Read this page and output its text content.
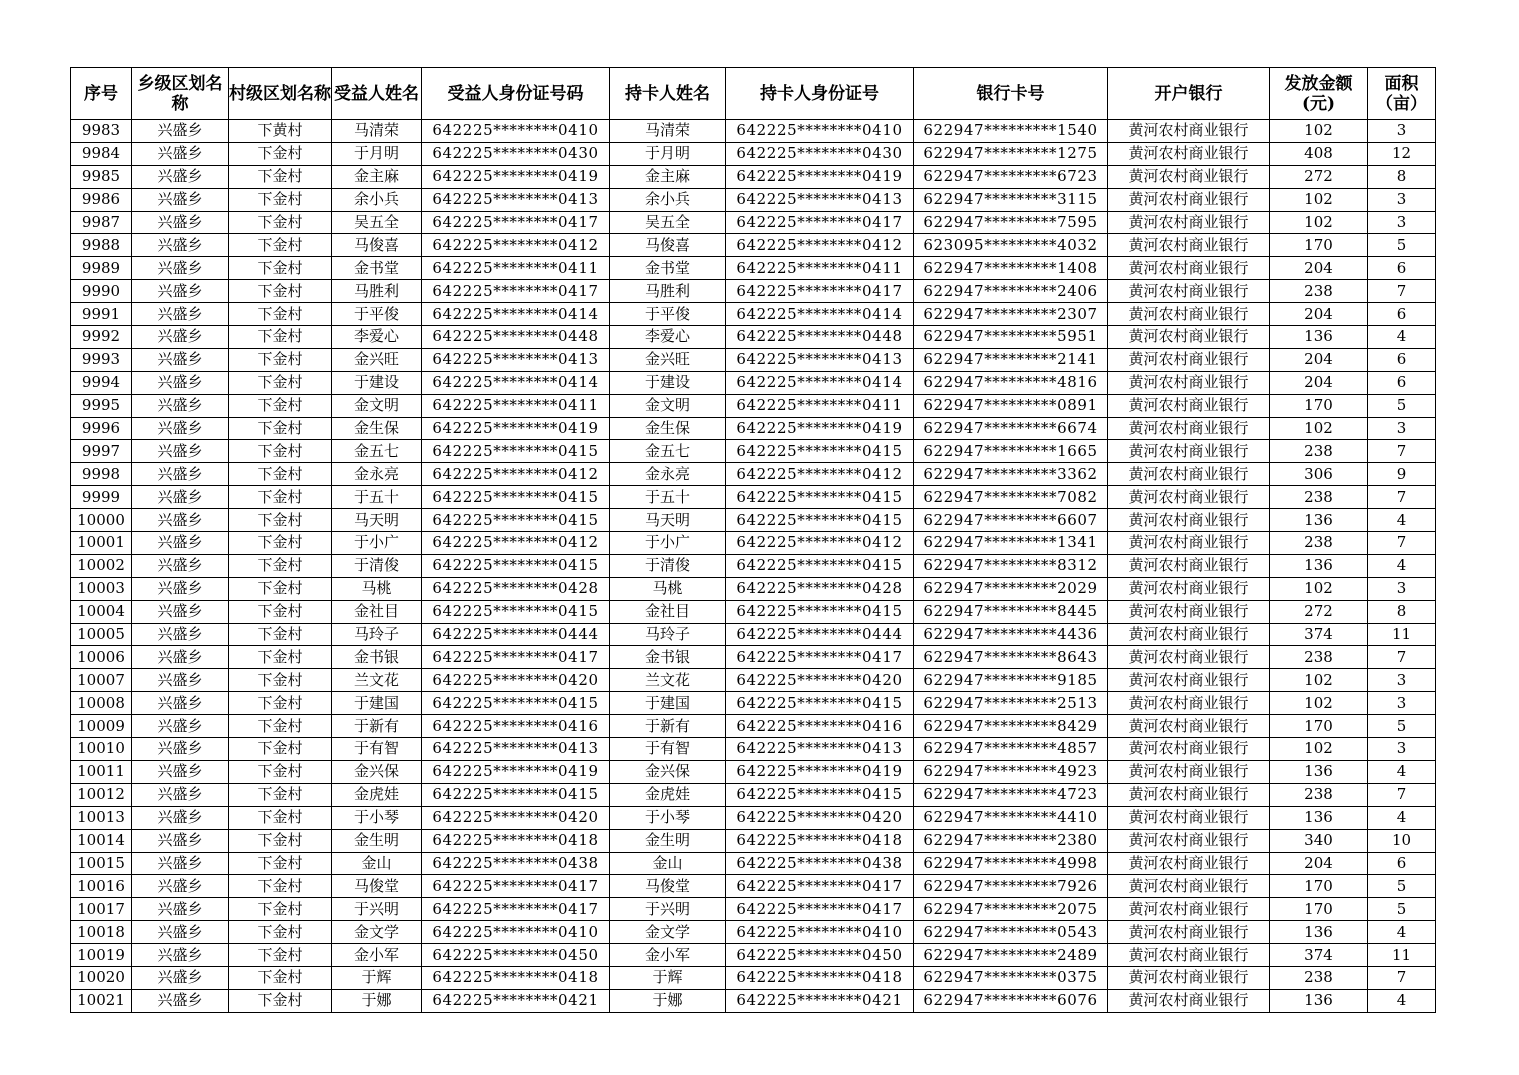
序号	乡级区划名称	村级区划名称	受益人姓名	受益人身份证号码	持卡人姓名	持卡人身份证号	银行卡号	开户银行	发放金额(元)	面积（亩）
9983	兴盛乡	下黄村	马清荣	642225********0410	马清荣	642225********0410	622947*********1540	黄河农村商业银行	102	3
9984	兴盛乡	下金村	于月明	642225********0430	于月明	642225********0430	622947*********1275	黄河农村商业银行	408	12
9985	兴盛乡	下金村	金主麻	642225********0419	金主麻	642225********0419	622947*********6723	黄河农村商业银行	272	8
9986	兴盛乡	下金村	余小兵	642225********0413	余小兵	642225********0413	622947*********3115	黄河农村商业银行	102	3
9987	兴盛乡	下金村	吴五全	642225********0417	吴五全	642225********0417	622947*********7595	黄河农村商业银行	102	3
9988	兴盛乡	下金村	马俊喜	642225********0412	马俊喜	642225********0412	623095*********4032	黄河农村商业银行	170	5
9989	兴盛乡	下金村	金书堂	642225********0411	金书堂	642225********0411	622947*********1408	黄河农村商业银行	204	6
9990	兴盛乡	下金村	马胜利	642225********0417	马胜利	642225********0417	622947*********2406	黄河农村商业银行	238	7
9991	兴盛乡	下金村	于平俊	642225********0414	于平俊	642225********0414	622947*********2307	黄河农村商业银行	204	6
9992	兴盛乡	下金村	李爱心	642225********0448	李爱心	642225********0448	622947*********5951	黄河农村商业银行	136	4
9993	兴盛乡	下金村	金兴旺	642225********0413	金兴旺	642225********0413	622947*********2141	黄河农村商业银行	204	6
9994	兴盛乡	下金村	于建设	642225********0414	于建设	642225********0414	622947*********4816	黄河农村商业银行	204	6
9995	兴盛乡	下金村	金文明	642225********0411	金文明	642225********0411	622947*********0891	黄河农村商业银行	170	5
9996	兴盛乡	下金村	金生保	642225********0419	金生保	642225********0419	622947*********6674	黄河农村商业银行	102	3
9997	兴盛乡	下金村	金五七	642225********0415	金五七	642225********0415	622947*********1665	黄河农村商业银行	238	7
9998	兴盛乡	下金村	金永亮	642225********0412	金永亮	642225********0412	622947*********3362	黄河农村商业银行	306	9
9999	兴盛乡	下金村	于五十	642225********0415	于五十	642225********0415	622947*********7082	黄河农村商业银行	238	7
10000	兴盛乡	下金村	马天明	642225********0415	马天明	642225********0415	622947*********6607	黄河农村商业银行	136	4
10001	兴盛乡	下金村	于小广	642225********0412	于小广	642225********0412	622947*********1341	黄河农村商业银行	238	7
10002	兴盛乡	下金村	于清俊	642225********0415	于清俊	642225********0415	622947*********8312	黄河农村商业银行	136	4
10003	兴盛乡	下金村	马桃	642225********0428	马桃	642225********0428	622947*********2029	黄河农村商业银行	102	3
10004	兴盛乡	下金村	金社目	642225********0415	金社目	642225********0415	622947*********8445	黄河农村商业银行	272	8
10005	兴盛乡	下金村	马玲子	642225********0444	马玲子	642225********0444	622947*********4436	黄河农村商业银行	374	11
10006	兴盛乡	下金村	金书银	642225********0417	金书银	642225********0417	622947*********8643	黄河农村商业银行	238	7
10007	兴盛乡	下金村	兰文花	642225********0420	兰文花	642225********0420	622947*********9185	黄河农村商业银行	102	3
10008	兴盛乡	下金村	于建国	642225********0415	于建国	642225********0415	622947*********2513	黄河农村商业银行	102	3
10009	兴盛乡	下金村	于新有	642225********0416	于新有	642225********0416	622947*********8429	黄河农村商业银行	170	5
10010	兴盛乡	下金村	于有智	642225********0413	于有智	642225********0413	622947*********4857	黄河农村商业银行	102	3
10011	兴盛乡	下金村	金兴保	642225********0419	金兴保	642225********0419	622947*********4923	黄河农村商业银行	136	4
10012	兴盛乡	下金村	金虎娃	642225********0415	金虎娃	642225********0415	622947*********4723	黄河农村商业银行	238	7
10013	兴盛乡	下金村	于小琴	642225********0420	于小琴	642225********0420	622947*********4410	黄河农村商业银行	136	4
10014	兴盛乡	下金村	金生明	642225********0418	金生明	642225********0418	622947*********2380	黄河农村商业银行	340	10
10015	兴盛乡	下金村	金山	642225********0438	金山	642225********0438	622947*********4998	黄河农村商业银行	204	6
10016	兴盛乡	下金村	马俊堂	642225********0417	马俊堂	642225********0417	622947*********7926	黄河农村商业银行	170	5
10017	兴盛乡	下金村	于兴明	642225********0417	于兴明	642225********0417	622947*********2075	黄河农村商业银行	170	5
10018	兴盛乡	下金村	金文学	642225********0410	金文学	642225********0410	622947*********0543	黄河农村商业银行	136	4
10019	兴盛乡	下金村	金小军	642225********0450	金小军	642225********0450	622947*********2489	黄河农村商业银行	374	11
10020	兴盛乡	下金村	于辉	642225********0418	于辉	642225********0418	622947*********0375	黄河农村商业银行	238	7
10021	兴盛乡	下金村	于娜	642225********0421	于娜	642225********0421	622947*********6076	黄河农村商业银行	136	4
